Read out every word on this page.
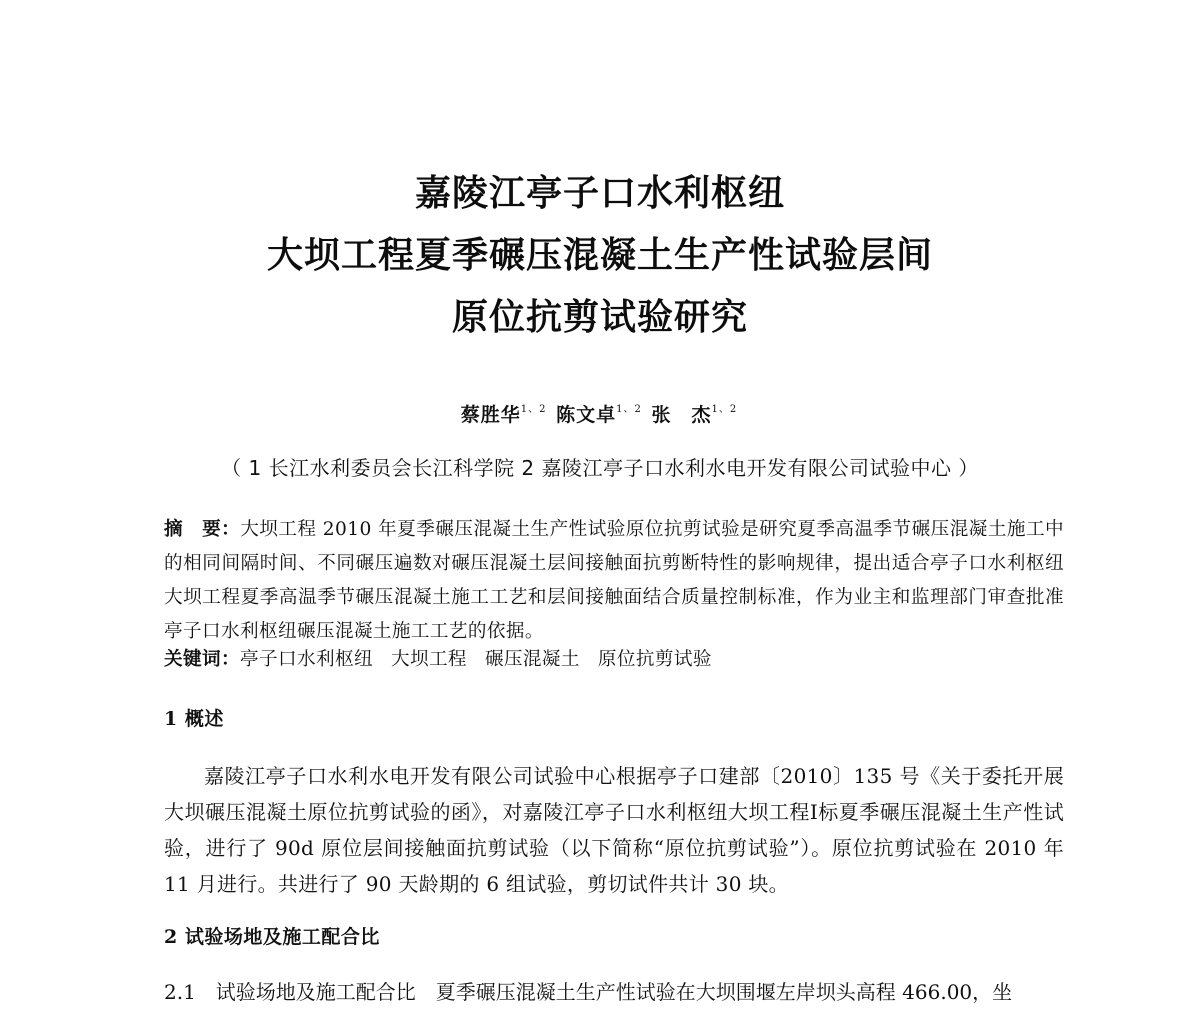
嘉陵江亭子口水利枢纽
大坝工程夏季碾压混凝土生产性试验层间
原位抗剪试验研究
蔡胜华$^{1、2}$ 陈文卓$^{1、2}$ 张　杰$^{1、2}$
（ 1 长江水利委员会长江科学院 2 嘉陵江亭子口水利水电开发有限公司试验中心 ）
摘　要：大坝工程 2010 年夏季碾压混凝土生产性试验原位抗剪试验是研究夏季高温季节碾压混凝土施工中的相同间隔时间、不同碾压遍数对碾压混凝土层间接触面抗剪断特性的影响规律，提出适合亭子口水利枢纽大坝工程夏季高温季节碾压混凝土施工工艺和层间接触面结合质量控制标准，作为业主和监理部门审查批准亭子口水利枢纽碾压混凝土施工工艺的依据。
关键词：亭子口水利枢纽 大坝工程 碾压混凝土 原位抗剪试验
1 概述
嘉陵江亭子口水利水电开发有限公司试验中心根据亭子口建部〔2010〕135 号《关于委托开展大坝碾压混凝土原位抗剪试验的函》，对嘉陵江亭子口水利枢纽大坝工程Ⅰ标夏季碾压混凝土生产性试验，进行了 90d 原位层间接触面抗剪试验（以下简称“原位抗剪试验”）。原位抗剪试验在 2010 年 11 月进行。共进行了 90 天龄期的 6 组试验，剪切试件共计 30 块。
2 试验场地及施工配合比
2.1　试验场地及施工配合比　夏季碾压混凝土生产性试验在大坝围堰左岸坝头高程 466.00，坐
